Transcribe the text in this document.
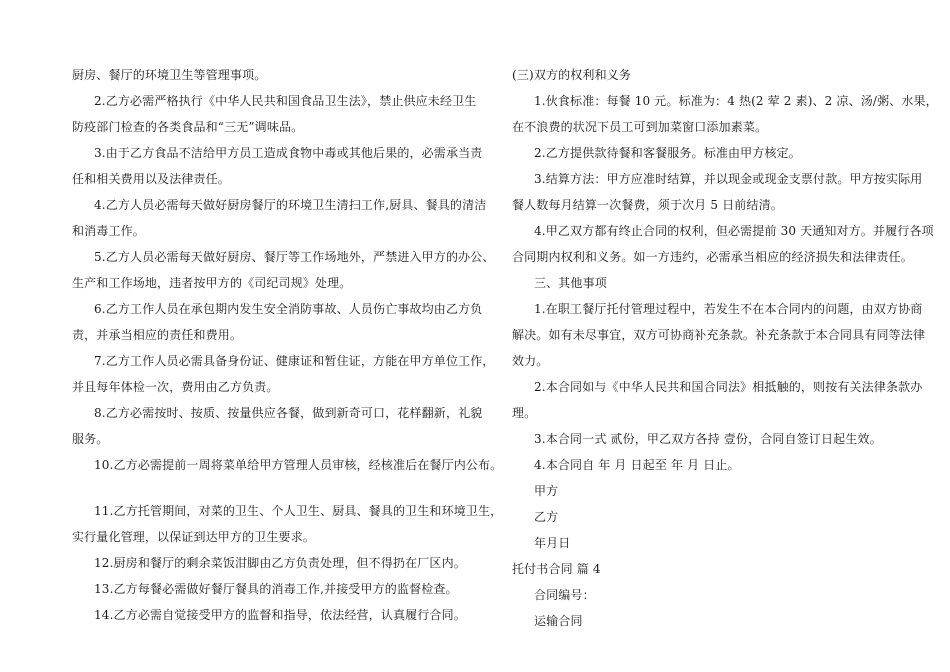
厨房、餐厅的环境卫生等管理事项。
2.乙方必需严格执行《中华人民共和国食品卫生法》，禁止供应未经卫生
防疫部门检查的各类食品和“三无”调味品。
3.由于乙方食品不洁给甲方员工造成食物中毒或其他后果的，必需承当责
任和相关费用以及法律责任。
4.乙方人员必需每天做好厨房餐厅的环境卫生清扫工作,厨具、餐具的清洁
和消毒工作。
5.乙方人员必需每天做好厨房、餐厅等工作场地外，严禁进入甲方的办公、
生产和工作场地，违者按甲方的《司纪司规》处理。
6.乙方工作人员在承包期内发生安全消防事故、人员伤亡事故均由乙方负
责，并承当相应的责任和费用。
7.乙方工作人员必需具备身份证、健康证和暂住证，方能在甲方单位工作，
并且每年体检一次，费用由乙方负责。
8.乙方必需按时、按质、按量供应各餐，做到新奇可口，花样翻新，礼貌
服务。
10.乙方必需提前一周将菜单给甲方管理人员审核，经核准后在餐厅内公布。
11.乙方托管期间，对菜的卫生、个人卫生、厨具、餐具的卫生和环境卫生，
实行量化管理，以保证到达甲方的卫生要求。
12.厨房和餐厅的剩余菜饭泔脚由乙方负责处理，但不得扔在厂区内。
13.乙方每餐必需做好餐厅餐具的消毒工作,并接受甲方的监督检查。
14.乙方必需自觉接受甲方的监督和指导，依法经营，认真履行合同。
(三)双方的权利和义务
1.伙食标准：每餐 10 元。标准为：4 热(2 荤 2 素)、2 凉、汤/粥、水果，
在不浪费的状况下员工可到加菜窗口添加素菜。
2.乙方提供款待餐和客餐服务。标准由甲方核定。
3.结算方法：甲方应准时结算，并以现金或现金支票付款。甲方按实际用
餐人数每月结算一次餐费，须于次月 5 日前结清。
4.甲乙双方都有终止合同的权利，但必需提前 30 天通知对方。并履行各项
合同期内权利和义务。如一方违约，必需承当相应的经济损失和法律责任。
三、其他事项
1.在职工餐厅托付管理过程中，若发生不在本合同内的问题，由双方协商
解决。如有未尽事宜，双方可协商补充条款。补充条款于本合同具有同等法律
效力。
2.本合同如与《中华人民共和国合同法》相抵触的，则按有关法律条款办
理。
3.本合同一式 贰份，甲乙双方各持 壹份，合同自签订日起生效。
4.本合同自 年 月 日起至 年 月 日止。
甲方
乙方
年月日
托付书合同 篇 4
合同编号：
运输合同
